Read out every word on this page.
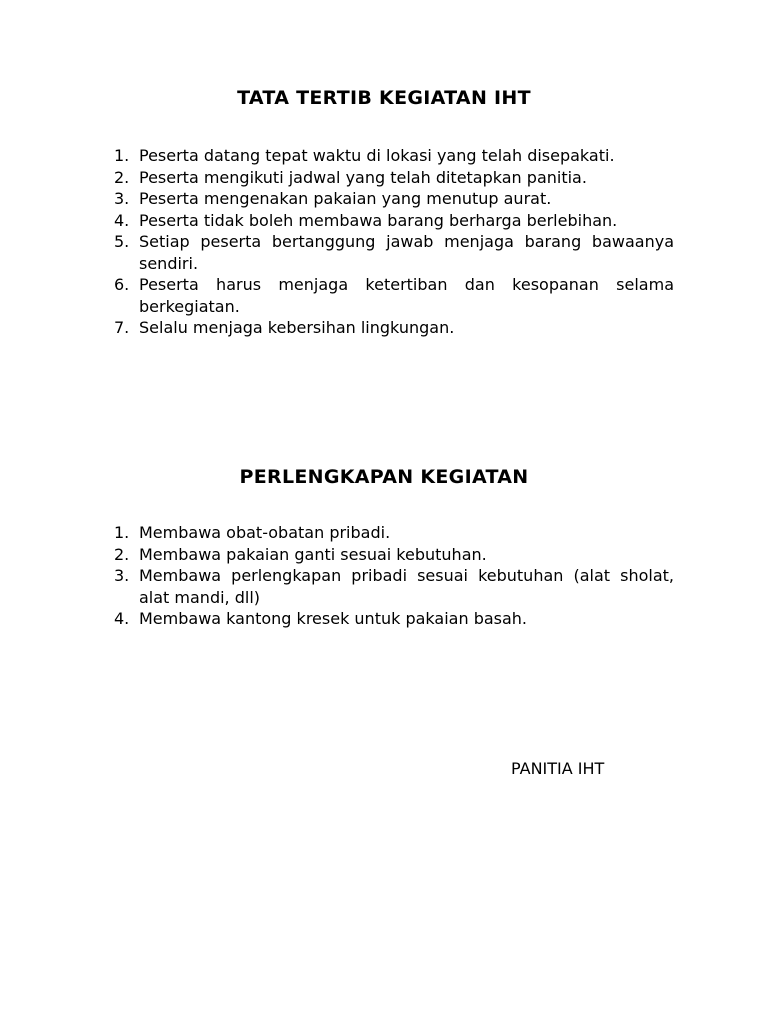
TATA TERTIB KEGIATAN IHT
1. Peserta datang tepat waktu di lokasi yang telah disepakati.
2. Peserta mengikuti jadwal yang telah ditetapkan panitia.
3. Peserta mengenakan pakaian yang menutup aurat.
4. Peserta tidak boleh membawa barang berharga berlebihan.
5. Setiap peserta bertanggung jawab menjaga barang bawaanya sendiri.
6. Peserta harus menjaga ketertiban dan kesopanan selama berkegiatan.
7. Selalu menjaga kebersihan lingkungan.
PERLENGKAPAN KEGIATAN
1. Membawa obat-obatan pribadi.
2. Membawa pakaian ganti sesuai kebutuhan.
3. Membawa perlengkapan pribadi sesuai kebutuhan (alat sholat, alat mandi, dll)
4. Membawa kantong kresek untuk pakaian basah.
PANITIA IHT
